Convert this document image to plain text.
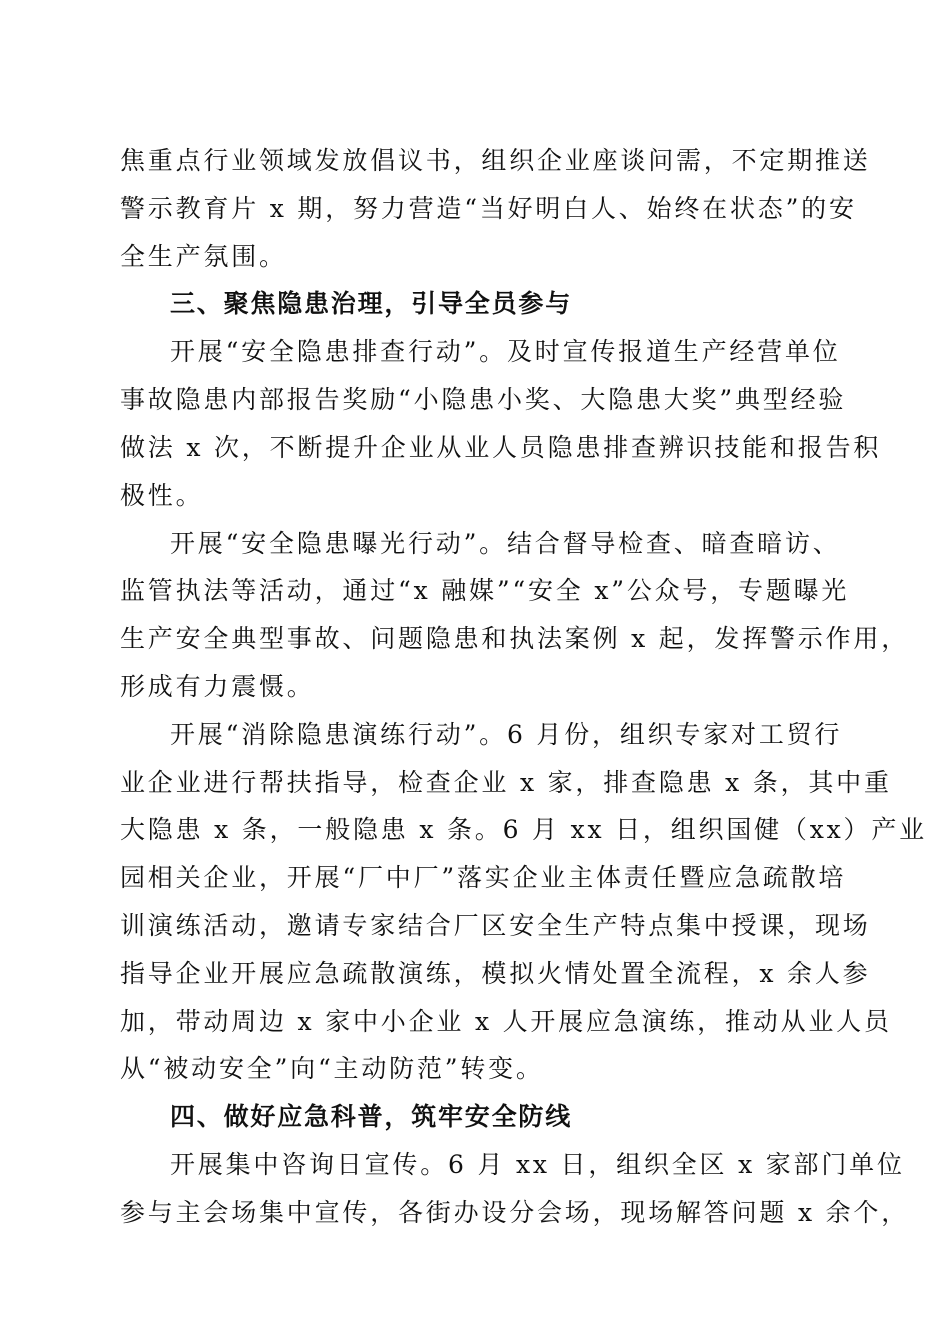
焦重点行业领域发放倡议书，组织企业座谈问需，不定期推送
警示教育片 x 期，努力营造“当好明白人、始终在状态”的安
全生产氛围。
三、聚焦隐患治理，引导全员参与
开展“安全隐患排查行动”。及时宣传报道生产经营单位
事故隐患内部报告奖励“小隐患小奖、大隐患大奖”典型经验
做法 x 次，不断提升企业从业人员隐患排查辨识技能和报告积
极性。
开展“安全隐患曝光行动”。结合督导检查、暗查暗访、
监管执法等活动，通过“x 融媒”“安全 x”公众号，专题曝光
生产安全典型事故、问题隐患和执法案例 x 起，发挥警示作用，
形成有力震慑。
开展“消除隐患演练行动”。6 月份，组织专家对工贸行
业企业进行帮扶指导，检查企业 x 家，排查隐患 x 条，其中重
大隐患 x 条，一般隐患 x 条。6 月 xx 日，组织国健（xx）产业
园相关企业，开展“厂中厂”落实企业主体责任暨应急疏散培
训演练活动，邀请专家结合厂区安全生产特点集中授课，现场
指导企业开展应急疏散演练，模拟火情处置全流程，x 余人参
加，带动周边 x 家中小企业 x 人开展应急演练，推动从业人员
从“被动安全”向“主动防范”转变。
四、做好应急科普，筑牢安全防线
开展集中咨询日宣传。6 月 xx 日，组织全区 x 家部门单位
参与主会场集中宣传，各街办设分会场，现场解答问题 x 余个，
